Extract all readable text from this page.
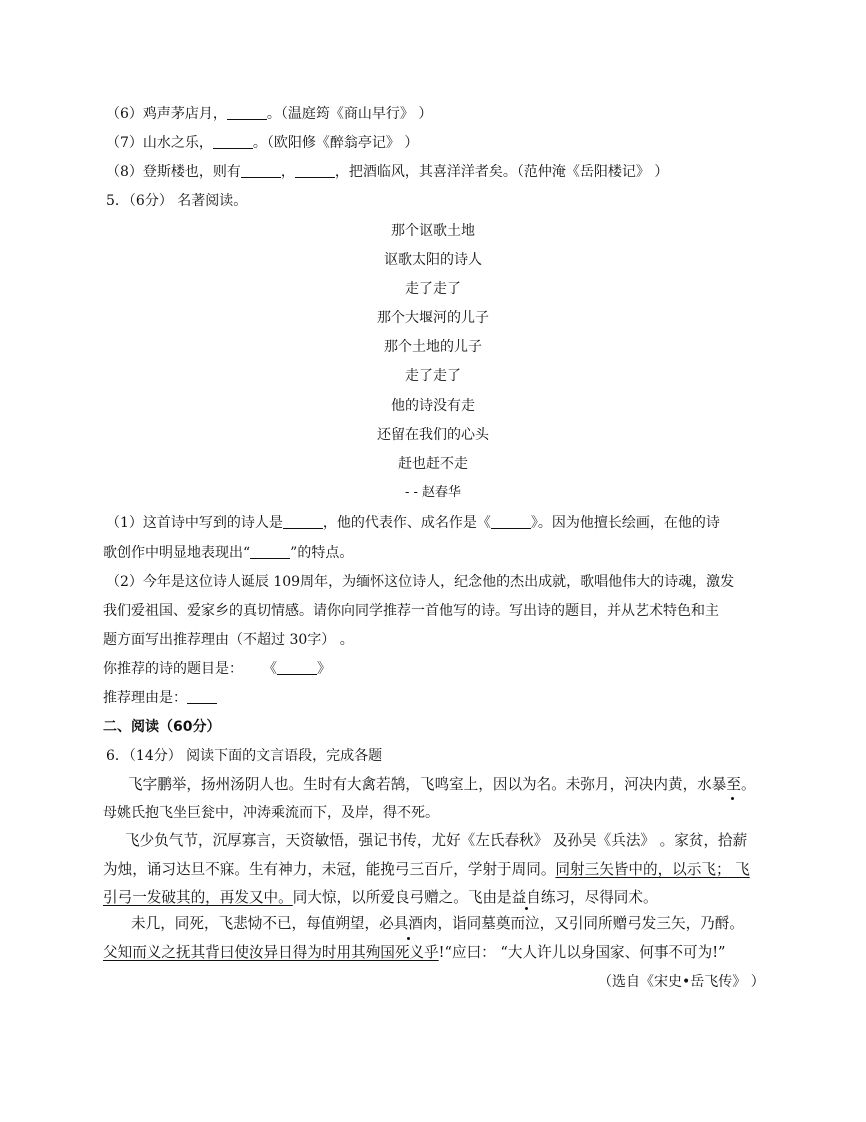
（6）鸡声茅店月，	。（温庭筠《商山早行》 ）
（7）山水之乐，	。（欧阳修《醉翁亭记》 ）
（8）登斯楼也，则有	，	，把酒临风，其喜洋洋者矣。（范仲淹《岳阳楼记》 ）
5．（6分） 名著阅读。
那个讴歌土地
讴歌太阳的诗人
走了走了
那个大堰河的儿子
那个土地的儿子
走了走了
他的诗没有走
还留在我们的心头
赶也赶不走
- - 赵春华
（1）这首诗中写到的诗人是	，他的代表作、成名作是《	》。因为他擅长绘画，在他的诗
歌创作中明显地表现出“	”的特点。
（2）今年是这位诗人诞辰 109周年，为缅怀这位诗人，纪念他的杰出成就，歌唱他伟大的诗魂，激发
我们爱祖国、爱家乡的真切情感。请你向同学推荐一首他写的诗。写出诗的题目，并从艺术特色和主
题方面写出推荐理由（不超过 30字） 。
你推荐的诗的题目是： 《	》
推荐理由是：
二、阅读（60分）
6．（14分） 阅读下面的文言语段，完成各题
飞字鹏举，扬州汤阴人也。生时有大禽若鹄，飞鸣室上，因以为名。未弥月，河决内黄，水暴至。
母姚氏抱飞坐巨瓮中，冲涛乘流而下，及岸，得不死。
飞少负气节，沉厚寡言，天资敏悟，强记书传，尤好《左氏春秋》 及孙吴《兵法》 。家贫，拾薪
为烛，诵习达旦不寐。生有神力，未冠，能挽弓三百斤，学射于周同。同射三矢皆中的，以示飞； 飞
引弓一发破其的，再发又中。同大惊，以所爱良弓赠之。飞由是益自练习，尽得同术。
未几，同死，飞悲恸不已，每值朔望，必具酒肉，诣同墓奠而泣，又引同所赠弓发三矢，乃酹。
父知而义之抚其背曰使汝异日得为时用其殉国死义乎!“应曰： “大人许儿以身国家、何事不可为!”
（选自《宋史•岳飞传》 ）
